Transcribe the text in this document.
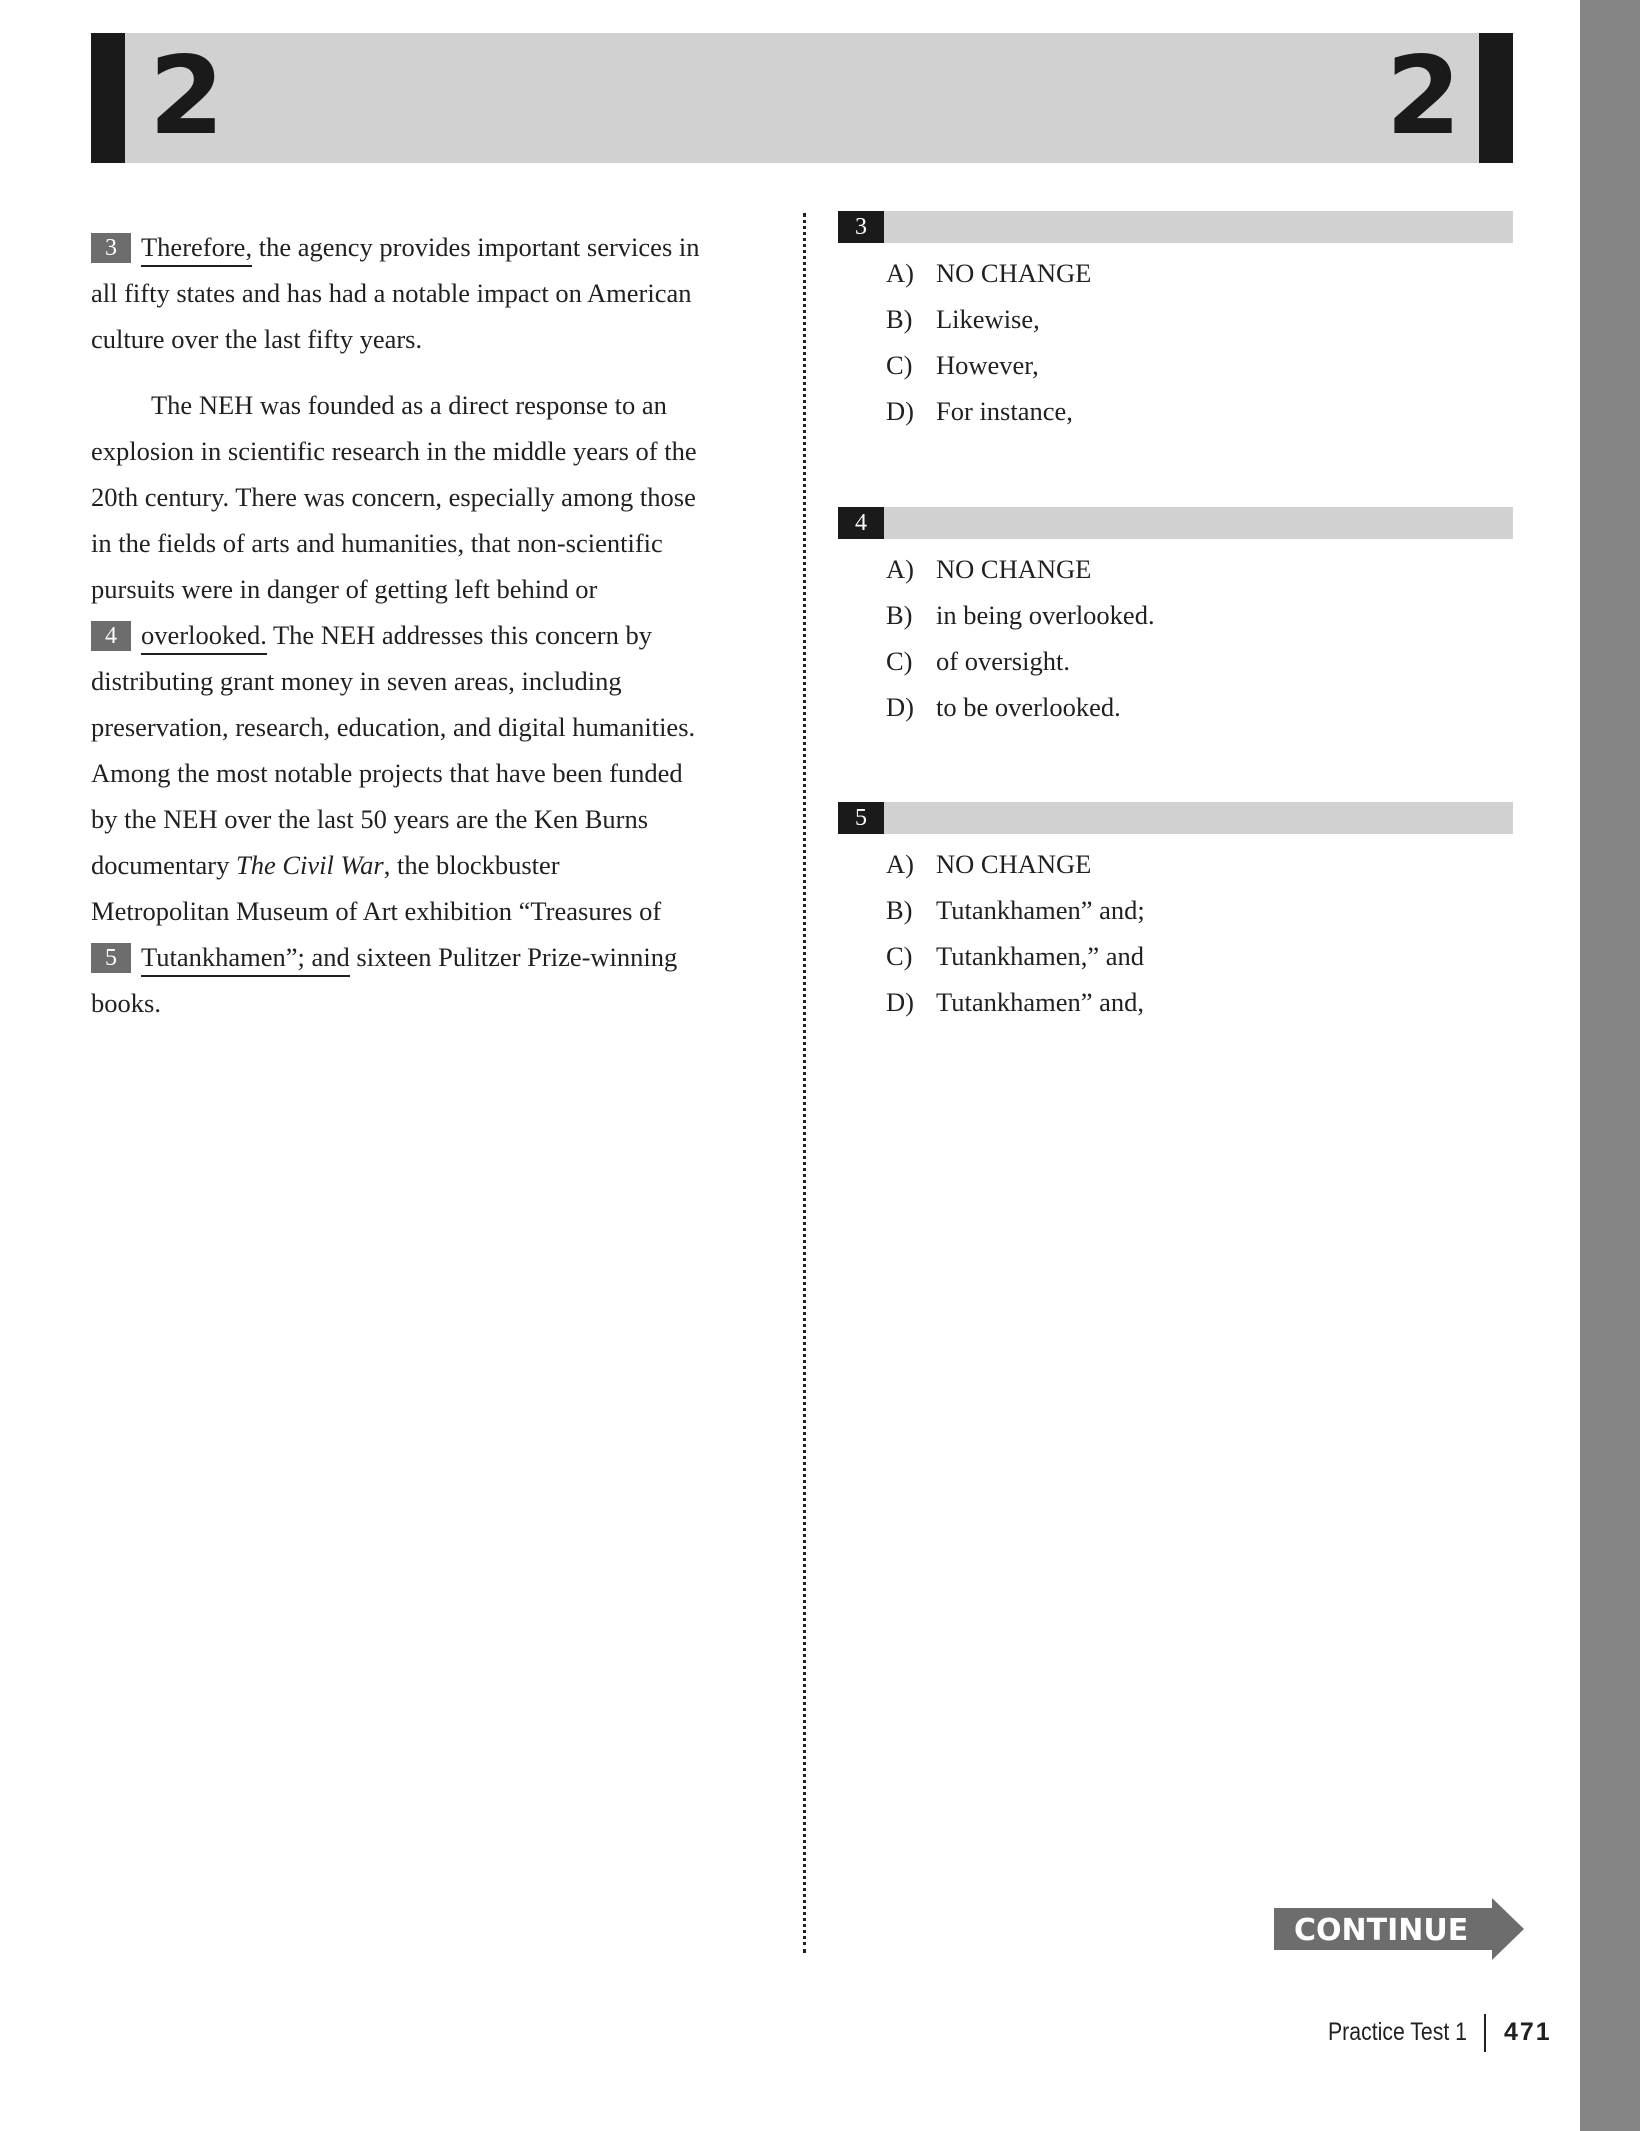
2	2
CONTINUE
Practice Test 1 471
3 Therefore, the agency provides important services in
all fifty states and has had a notable impact on American
culture over the last fifty years.
The NEH was founded as a direct response to an
explosion in scientific research in the middle years of the
20th century. There was concern, especially among those
in the fields of arts and humanities, that non-scientific
pursuits were in danger of getting left behind or
4 overlooked. The NEH addresses this concern by
distributing grant money in seven areas, including
preservation, research, education, and digital humanities.
Among the most notable projects that have been funded
by the NEH over the last 50 years are the Ken Burns
documentary The Civil War, the blockbuster
Metropolitan Museum of Art exhibition “Treasures of
5 Tutankhamen”; and sixteen Pulitzer Prize-winning
books.
3
A) NO CHANGE
B) Likewise,
C) However,
D) For instance,
4
A) NO CHANGE
B) in being overlooked.
C) of oversight.
D) to be overlooked.
5
A) NO CHANGE
B) Tutankhamen” and;
C) Tutankhamen,” and
D) Tutankhamen” and,
